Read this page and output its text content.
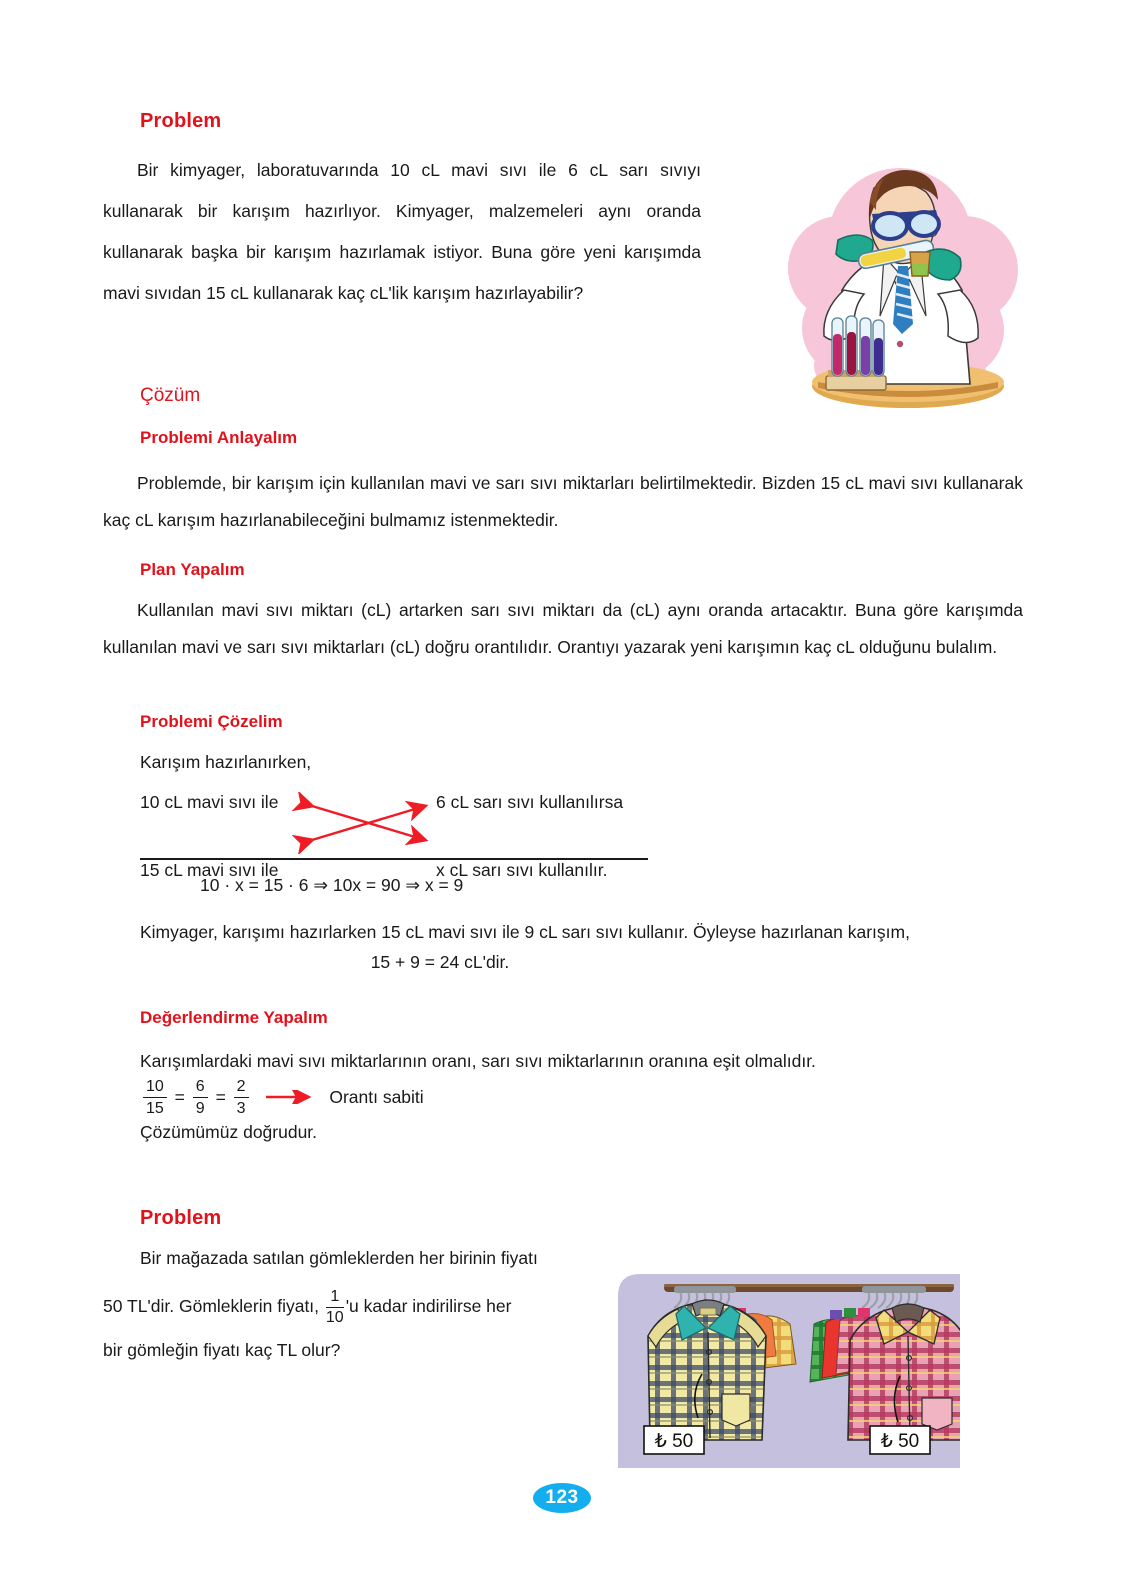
Problem
Bir kimyager, laboratuvarında 10 cL mavi sıvı ile 6 cL sarı sıvıyı kullanarak bir karışım hazırlıyor. Kimyager, malzemeleri aynı oranda kullanarak başka bir karışım hazırlamak istiyor. Buna göre yeni karışımda mavi sıvıdan 15 cL kullanarak kaç cL'lik karışım hazırlayabilir?
Çözüm
Problemi Anlayalım
Problemde, bir karışım için kullanılan mavi ve sarı sıvı miktarları belirtilmektedir. Bizden 15 cL mavi sıvı kullanarak kaç cL karışım hazırlanabileceğini bulmamız istenmektedir.
Plan Yapalım
Kullanılan mavi sıvı miktarı (cL) artarken sarı sıvı miktarı da (cL) aynı oranda artacaktır. Buna göre karışımda kullanılan mavi ve sarı sıvı miktarları (cL) doğru orantılıdır. Orantıyı yazarak yeni karışımın kaç cL olduğunu bulalım.
Problemi Çözelim
Karışım hazırlanırken,
10 cL mavi sıvı ile	6 cL sarı sıvı kullanılırsa
15 cL mavi sıvı ile	x cL sarı sıvı kullanılır.
10 · x = 15 · 6 ⇒ 10x = 90 ⇒ x = 9
Kimyager, karışımı hazırlarken 15 cL mavi sıvı ile 9 cL sarı sıvı kullanır. Öyleyse hazırlanan karışım,
15 + 9 = 24 cL'dir.
Değerlendirme Yapalım
Karışımlardaki mavi sıvı miktarlarının oranı, sarı sıvı miktarlarının oranına eşit olmalıdır.
$\frac{10}{15} = \frac{6}{9} = \frac{2}{3}$	Orantı sabiti
Çözümümüz doğrudur.
Problem
Bir mağazada satılan gömleklerden her birinin fiyatı
50 TL'dir. Gömleklerin fiyatı, $\frac{1}{10}$ 'u kadar indirilirse her
bir gömleğin fiyatı kaç TL olur?
₺ 50	₺ 50
123
